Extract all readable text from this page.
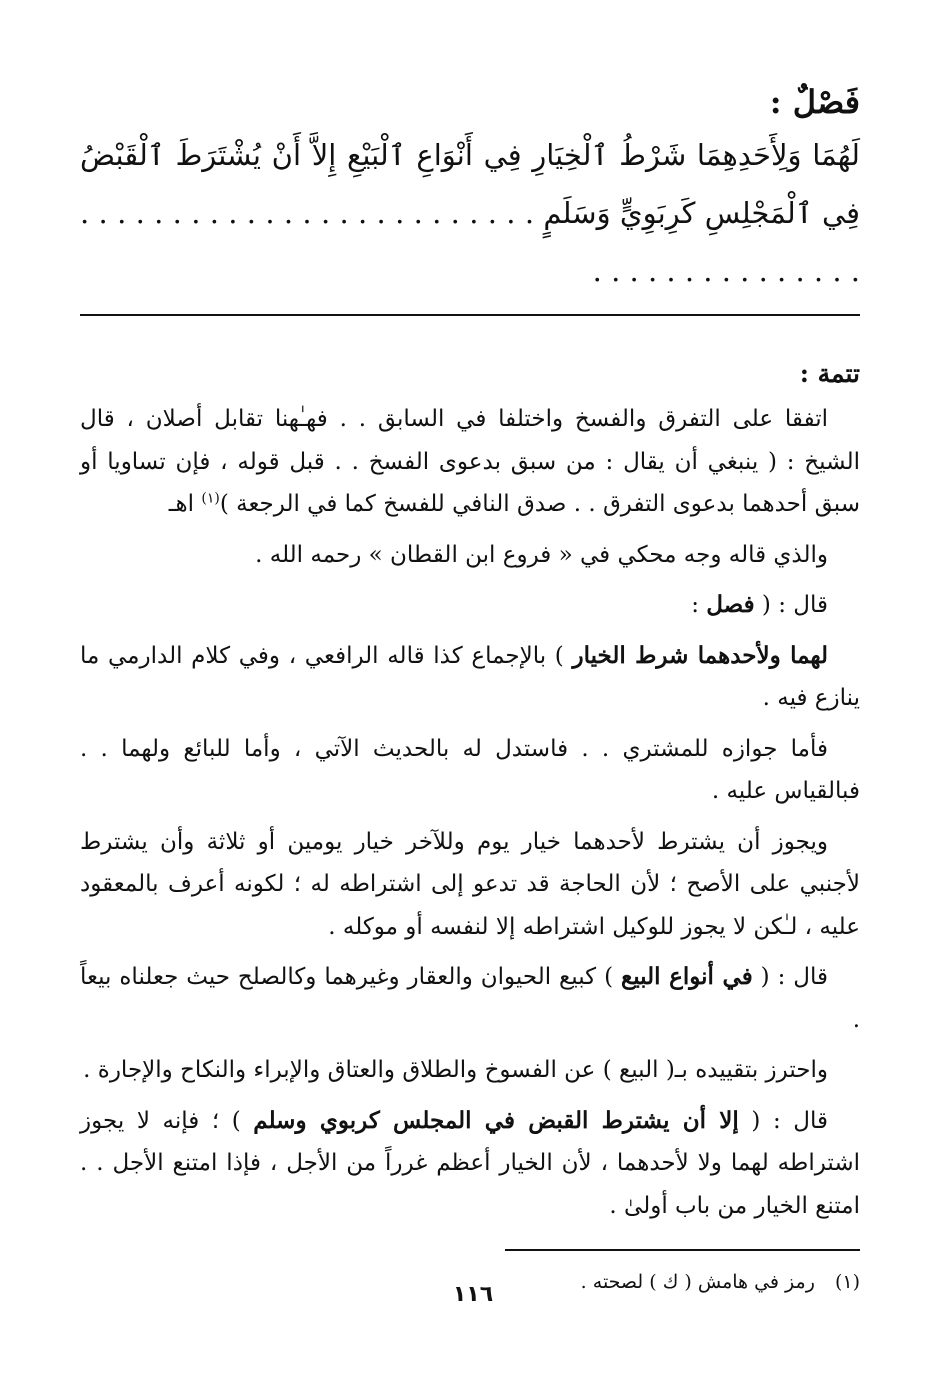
فَصْلٌ :
لَهُمَا وَلِأَحَدِهِمَا شَرْطُ ٱلْخِيَارِ فِي أَنْوَاعِ ٱلْبَيْعِ إِلاَّ أَنْ يُشْتَرَطَ ٱلْقَبْضُ فِي ٱلْمَجْلِسِ كَرِبَوِيٍّ وَسَلَمٍ . . . . . . . . . . . . . . . . . . . . . . . . . . . . . . . . . . . . . . . .
تتمة :

اتفقا على التفرق والفسخ واختلفا في السابق . . فهـٰهنا تقابل أصلان ، قال الشيخ : ( ينبغي أن يقال : من سبق بدعوى الفسخ . . قبل قوله ، فإن تساويا أو سبق أحدهما بدعوى التفرق . . صدق النافي للفسخ كما في الرجعة )$^{(١)}$ اهـ

والذي قاله وجه محكي في « فروع ابن القطان » رحمه الله .

قال : ( فصل :

لهما ولأحدهما شرط الخيار ) بالإجماع كذا قاله الرافعي ، وفي كلام الدارمي ما ينازع فيه .

فأما جوازه للمشتري . . فاستدل له بالحديث الآتي ، وأما للبائع ولهما . . فبالقياس عليه .

ويجوز أن يشترط لأحدهما خيار يوم وللآخر خيار يومين أو ثلاثة وأن يشترط لأجنبي على الأصح ؛ لأن الحاجة قد تدعو إلى اشتراطه له ؛ لكونه أعرف بالمعقود عليه ، لـٰكن لا يجوز للوكيل اشتراطه إلا لنفسه أو موكله .

قال : ( في أنواع البيع ) كبيع الحيوان والعقار وغيرهما وكالصلح حيث جعلناه بيعاً .

واحترز بتقييده بـ( البيع ) عن الفسوخ والطلاق والعتاق والإبراء والنكاح والإجارة .

قال : ( إلا أن يشترط القبض في المجلس كربوي وسلم ) ؛ فإنه لا يجوز اشتراطه لهما ولا لأحدهما ، لأن الخيار أعظم غرراً من الأجل ، فإذا امتنع الأجل . . امتنع الخيار من باب أولىٰ .

(١) رمز في هامش ( ك ) لصحته .
١١٦
